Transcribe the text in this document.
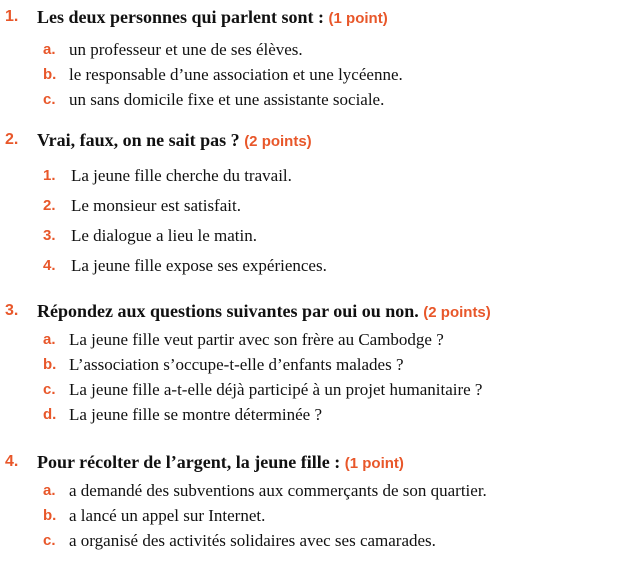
1. Les deux personnes qui parlent sont : (1 point)
a. un professeur et une de ses élèves.
b. le responsable d’une association et une lycéenne.
c. un sans domicile fixe et une assistante sociale.
2. Vrai, faux, on ne sait pas ? (2 points)
1. La jeune fille cherche du travail.
2. Le monsieur est satisfait.
3. Le dialogue a lieu le matin.
4. La jeune fille expose ses expériences.
3. Répondez aux questions suivantes par oui ou non. (2 points)
a. La jeune fille veut partir avec son frère au Cambodge ?
b. L’association s’occupe-t-elle d’enfants malades ?
c. La jeune fille a-t-elle déjà participé à un projet humanitaire ?
d. La jeune fille se montre déterminée ?
4. Pour récolter de l’argent, la jeune fille : (1 point)
a. a demandé des subventions aux commerçants de son quartier.
b. a lancé un appel sur Internet.
c. a organisé des activités solidaires avec ses camarades.
